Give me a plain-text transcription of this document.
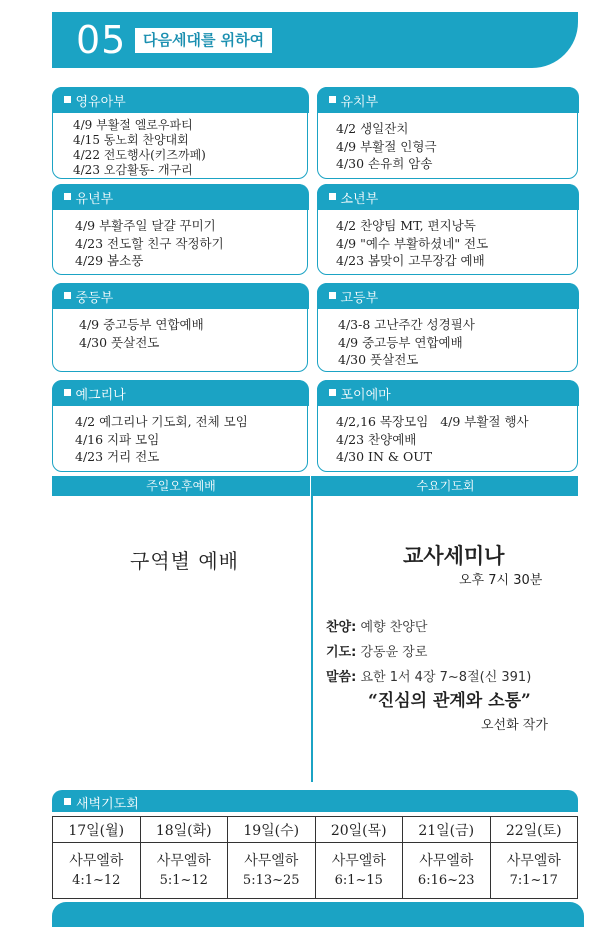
05	다음세대를 위하여
영유아부
4/9 부활절 엘로우파티
4/15 동노회 찬양대회
4/22 전도행사(키즈까페)
4/23 오감활동- 개구리
유치부
4/2 생일잔치
4/9 부활절 인형극
4/30 손유희 암송
유년부
4/9 부활주일 달걀 꾸미기
4/23 전도할 친구 작정하기
4/29 봄소풍
소년부
4/2 찬양팀 MT, 편지낭독
4/9 "예수 부활하셨네" 전도
4/23 봄맞이 고무장갑 예배
중등부
4/9 중고등부 연합예배
4/30 풋살전도
고등부
4/3-8 고난주간 성경필사
4/9 중고등부 연합예배
4/30 풋살전도
예그리나
4/2 예그리나 기도회, 전체 모임
4/16 지파 모임
4/23 거리 전도
포이에마
4/2,16 목장모임   4/9 부활절 행사
4/23 찬양예배
4/30 IN & OUT
주일오후예배	수요기도회
구역별 예배	교사세미나
오후 7시 30분
찬양: 예향 찬양단
기도: 강동윤 장로
말씀: 요한 1서 4장 7~8절(신 391)
“진심의 관계와 소통”
오선화 작가
새벽기도회
17일(월)	18일(화)	19일(수)	20일(목)	21일(금)	22일(토)
사무엘하	사무엘하	사무엘하	사무엘하	사무엘하	사무엘하
4:1~12	5:1~12	5:13~25	6:1~15	6:16~23	7:1~17
